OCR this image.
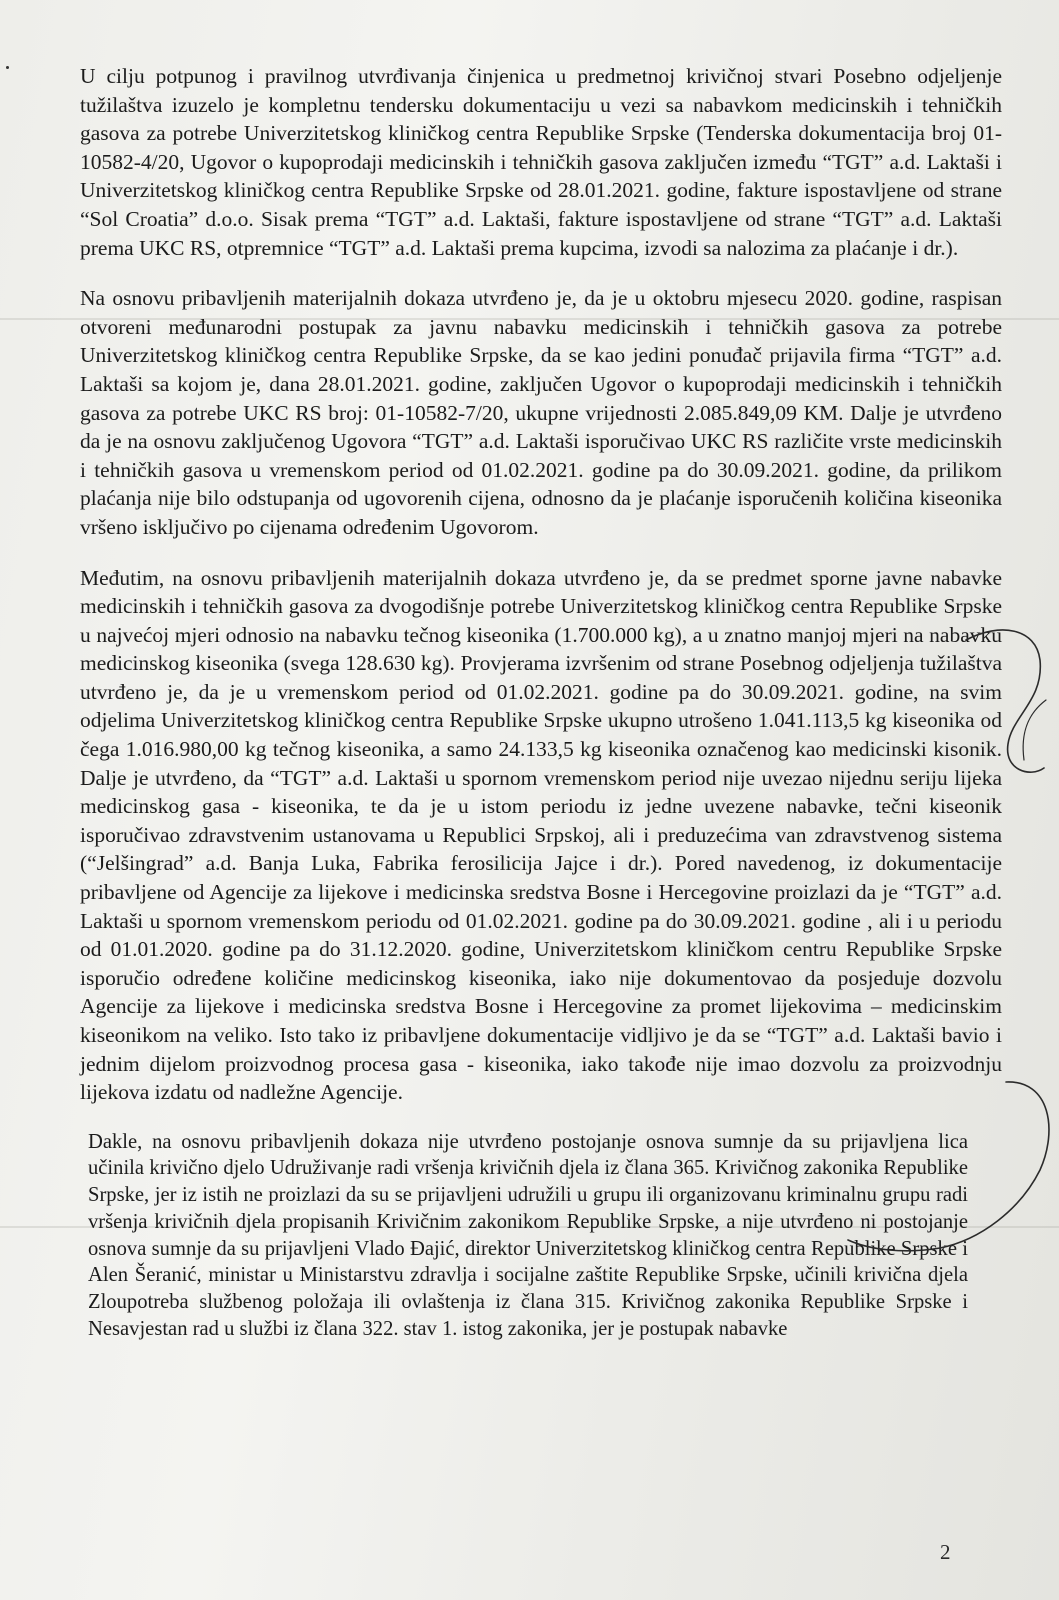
U cilju potpunog i pravilnog utvrđivanja činjenica u predmetnoj krivičnoj stvari Posebno odjeljenje tužilaštva izuzelo je kompletnu tendersku dokumentaciju u vezi sa nabavkom medicinskih i tehničkih gasova za potrebe Univerzitetskog kliničkog centra Republike Srpske (Tenderska dokumentacija broj 01-10582-4/20, Ugovor o kupoprodaji medicinskih i tehničkih gasova zaključen između “TGT” a.d. Laktaši i Univerzitetskog kliničkog centra Republike Srpske od 28.01.2021. godine, fakture ispostavljene od strane “Sol Croatia” d.o.o. Sisak prema “TGT” a.d. Laktaši, fakture ispostavljene od strane “TGT” a.d. Laktaši prema UKC RS, otpremnice “TGT” a.d. Laktaši prema kupcima, izvodi sa nalozima za plaćanje i dr.).

Na osnovu pribavljenih materijalnih dokaza utvrđeno je, da je u oktobru mjesecu 2020. godine, raspisan otvoreni međunarodni postupak za javnu nabavku medicinskih i tehničkih gasova za potrebe Univerzitetskog kliničkog centra Republike Srpske, da se kao jedini ponuđač prijavila firma “TGT” a.d. Laktaši sa kojom je, dana 28.01.2021. godine, zaključen Ugovor o kupoprodaji medicinskih i tehničkih gasova za potrebe UKC RS broj: 01-10582-7/20, ukupne vrijednosti 2.085.849,09 KM. Dalje je utvrđeno da je na osnovu zaključenog Ugovora “TGT” a.d. Laktaši isporučivao UKC RS različite vrste medicinskih i tehničkih gasova u vremenskom period od 01.02.2021. godine pa do 30.09.2021. godine, da prilikom plaćanja nije bilo odstupanja od ugovorenih cijena, odnosno da je plaćanje isporučenih količina kiseonika vršeno isključivo po cijenama određenim Ugovorom.

Međutim, na osnovu pribavljenih materijalnih dokaza utvrđeno je, da se predmet sporne javne nabavke medicinskih i tehničkih gasova za dvogodišnje potrebe Univerzitetskog kliničkog centra Republike Srpske u najvećoj mjeri odnosio na nabavku tečnog kiseonika (1.700.000 kg), a u znatno manjoj mjeri na nabavku medicinskog kiseonika (svega 128.630 kg). Provjerama izvršenim od strane Posebnog odjeljenja tužilaštva utvrđeno je, da je u vremenskom period od 01.02.2021. godine pa do 30.09.2021. godine, na svim odjelima Univerzitetskog kliničkog centra Republike Srpske ukupno utrošeno 1.041.113,5 kg kiseonika od čega 1.016.980,00 kg tečnog kiseonika, a samo 24.133,5 kg kiseonika označenog kao medicinski kisonik. Dalje je utvrđeno, da “TGT” a.d. Laktaši u spornom vremenskom period nije uvezao nijednu seriju lijeka medicinskog gasa - kiseonika, te da je u istom periodu iz jedne uvezene nabavke, tečni kiseonik isporučivao zdravstvenim ustanovama u Republici Srpskoj, ali i preduzećima van zdravstvenog sistema (“Jelšingrad” a.d. Banja Luka, Fabrika ferosilicija Jajce i dr.). Pored navedenog, iz dokumentacije pribavljene od Agencije za lijekove i medicinska sredstva Bosne i Hercegovine proizlazi da je “TGT” a.d. Laktaši u spornom vremenskom periodu od 01.02.2021. godine pa do 30.09.2021. godine , ali i u periodu od 01.01.2020. godine pa do 31.12.2020. godine, Univerzitetskom kliničkom centru Republike Srpske isporučio određene količine medicinskog kiseonika, iako nije dokumentovao da posjeduje dozvolu Agencije za lijekove i medicinska sredstva Bosne i Hercegovine za promet lijekovima – medicinskim kiseonikom na veliko. Isto tako iz pribavljene dokumentacije vidljivo je da se “TGT” a.d. Laktaši bavio i jednim dijelom proizvodnog procesa gasa - kiseonika, iako takođe nije imao dozvolu za proizvodnju lijekova izdatu od nadležne Agencije.

Dakle, na osnovu pribavljenih dokaza nije utvrđeno postojanje osnova sumnje da su prijavljena lica učinila krivično djelo Udruživanje radi vršenja krivičnih djela iz člana 365. Krivičnog zakonika Republike Srpske, jer iz istih ne proizlazi da su se prijavljeni udružili u grupu ili organizovanu kriminalnu grupu radi vršenja krivičnih djela propisanih Krivičnim zakonikom Republike Srpske, a nije utvrđeno ni postojanje osnova sumnje da su prijavljeni Vlado Đajić, direktor Univerzitetskog kliničkog centra Republike Srpske i Alen Šeranić, ministar u Ministarstvu zdravlja i socijalne zaštite Republike Srpske, učinili krivična djela Zloupotreba službenog položaja ili ovlaštenja iz člana 315. Krivičnog zakonika Republike Srpske i Nesavjestan rad u službi iz člana 322. stav 1. istog zakonika, jer je postupak nabavke

2
